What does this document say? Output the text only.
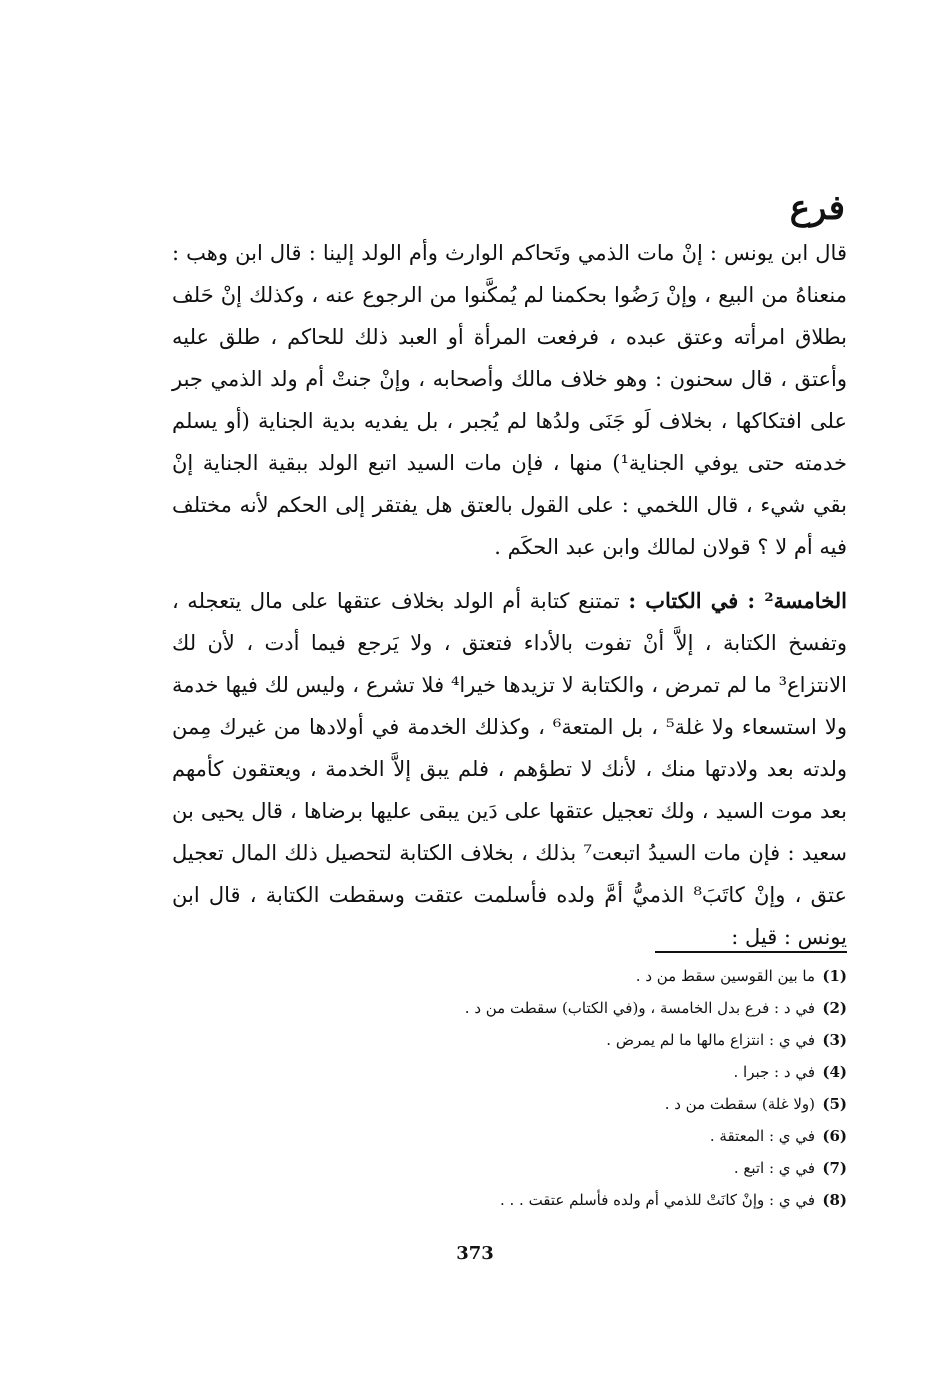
فرع

قال ابن يونس : إنْ مات الذمي وتَحاكم الوارث وأم الولد إلينا : قال ابن وهب : منعناهُ من البيع ، وإنْ رَضُوا بحكمنا لم يُمكَّنوا من الرجوع عنه ، وكذلك إنْ حَلف بطلاق امرأته وعتق عبده ، فرفعت المرأة أو العبد ذلك للحاكم ، طلق عليه وأعتق ، قال سحنون : وهو خلاف مالك وأصحابه ، وإنْ جنتْ أم ولد الذمي جبر على افتكاكها ، بخلاف لَو جَنَى ولدُها لم يُجبر ، بل يفديه بدية الجناية (أو يسلم خدمته حتى يوفي الجناية¹) منها ، فإن مات السيد اتبع الولد ببقية الجناية إنْ بقي شيء ، قال اللخمي : على القول بالعتق هل يفتقر إلى الحكم لأنه مختلف فيه أم لا ؟ قولان لمالك وابن عبد الحكَم .

الخامسة² : في الكتاب : تمتنع كتابة أم الولد بخلاف عتقها على مال يتعجله ، وتفسخ الكتابة ، إلاَّ أنْ تفوت بالأداء فتعتق ، ولا يَرجع فيما أدت ، لأن لك الانتزاع³ ما لم تمرض ، والكتابة لا تزيدها خيرا⁴ فلا تشرع ، وليس لك فيها خدمة ولا استسعاء ولا غلة⁵ ، بل المتعة⁶ ، وكذلك الخدمة في أولادها من غيرك مِمن ولدته بعد ولادتها منك ، لأنك لا تطؤهم ، فلم يبق إلاَّ الخدمة ، ويعتقون كأمهم بعد موت السيد ، ولك تعجيل عتقها على دَين يبقى عليها برضاها ، قال يحيى بن سعيد : فإن مات السيدُ اتبعت⁷ بذلك ، بخلاف الكتابة لتحصيل ذلك المال تعجيل عتق ، وإنْ كاتَبَ⁸ الذميُّ أمَّ ولده فأسلمت عتقت وسقطت الكتابة ، قال ابن يونس : قيل :

(1)ما بين القوسين سقط من د .
(2)في د : فرع بدل الخامسة ، و(في الكتاب) سقطت من د .
(3)في ي : انتزاع مالها ما لم يمرض .
(4)في د : جبرا .
(5)(ولا غلة) سقطت من د .
(6)في ي : المعتقة .
(7)في ي : اتبع .
(8)في ي : وإنْ كانَتْ للذمي أم ولده فأسلم عتقت . . .
373
